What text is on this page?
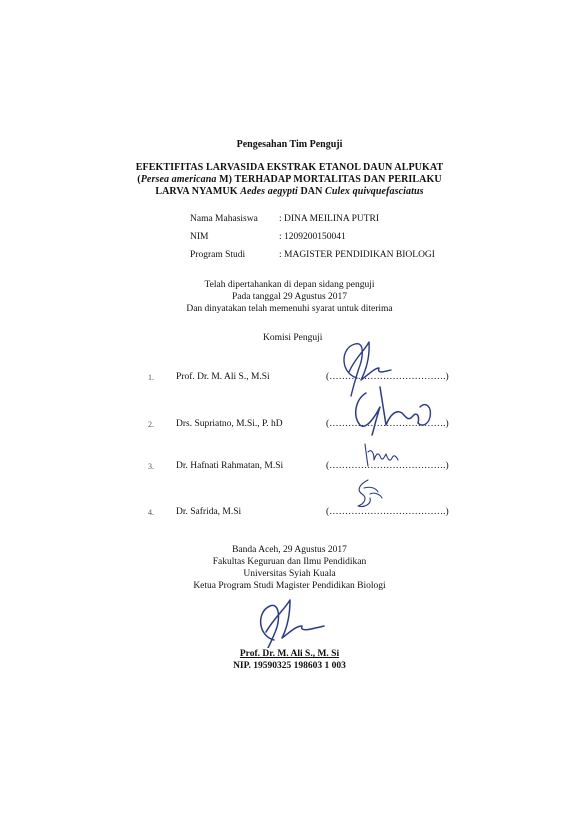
Pengesahan Tim Penguji
EFEKTIFITAS LARVASIDA EKSTRAK ETANOL DAUN ALPUKAT
(Persea americana M) TERHADAP MORTALITAS DAN PERILAKU
LARVA NYAMUK Aedes aegypti DAN Culex quivquefasciatus
Nama Mahasiswa : DINA MEILINA PUTRI
NIM	: 1209200150041
Program Studi	: MAGISTER PENDIDIKAN BIOLOGI
Telah dipertahankan di depan sidang penguji
Pada tanggal 29 Agustus 2017
Dan dinyatakan telah memenuhi syarat untuk diterima
Komisi Penguji
1. Prof. Dr. M. Ali S., M.Si	(……………………………….)
2. Drs. Supriatno, M.Si., P. hD	(……………………………….)
3. Dr. Hafnati Rahmatan, M.Si	(……………………………….)
4. Dr. Safrida, M.Si	(……………………………….)
Banda Aceh, 29 Agustus 2017
Fakultas Keguruan dan Ilmu Pendidikan
Universitas Syiah Kuala
Ketua Program Studi Magister Pendidikan Biologi
Prof. Dr. M. Ali S., M. Si
NIP. 19590325 198603 1 003
